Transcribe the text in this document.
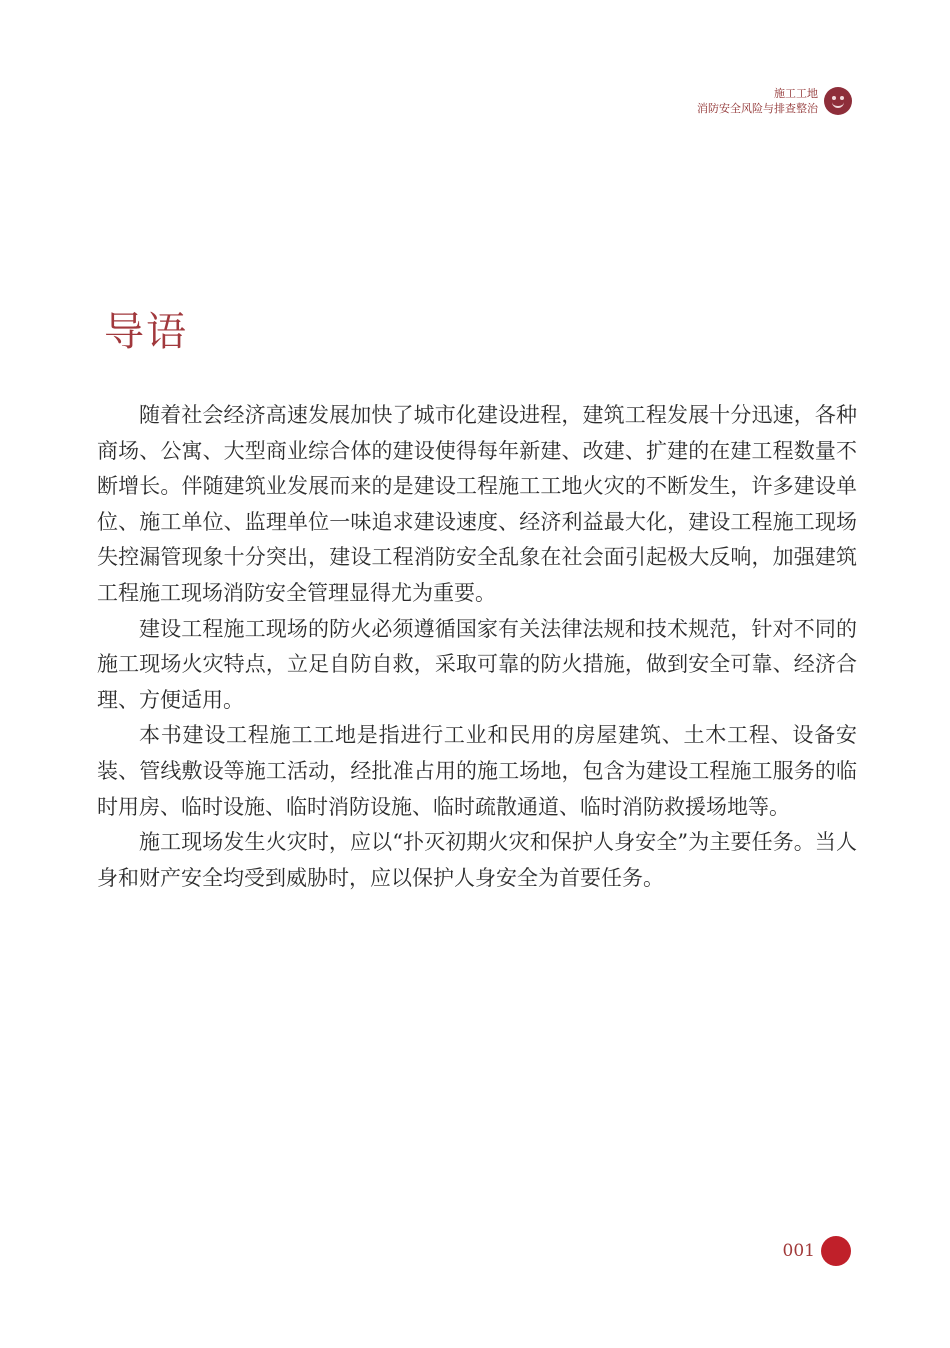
施工工地
消防安全风险与排查整治
导语

随着社会经济高速发展加快了城市化建设进程，建筑工程发展十分迅速，各种商场、公寓、大型商业综合体的建设使得每年新建、改建、扩建的在建工程数量不断增长。伴随建筑业发展而来的是建设工程施工工地火灾的不断发生，许多建设单位、施工单位、监理单位一味追求建设速度、经济利益最大化，建设工程施工现场失控漏管现象十分突出，建设工程消防安全乱象在社会面引起极大反响，加强建筑工程施工现场消防安全管理显得尤为重要。

建设工程施工现场的防火必须遵循国家有关法律法规和技术规范，针对不同的施工现场火灾特点，立足自防自救，采取可靠的防火措施，做到安全可靠、经济合理、方便适用。

本书建设工程施工工地是指进行工业和民用的房屋建筑、土木工程、设备安装、管线敷设等施工活动，经批准占用的施工场地，包含为建设工程施工服务的临时用房、临时设施、临时消防设施、临时疏散通道、临时消防救援场地等。

施工现场发生火灾时，应以“扑灭初期火灾和保护人身安全”为主要任务。当人身和财产安全均受到威胁时，应以保护人身安全为首要任务。

001
